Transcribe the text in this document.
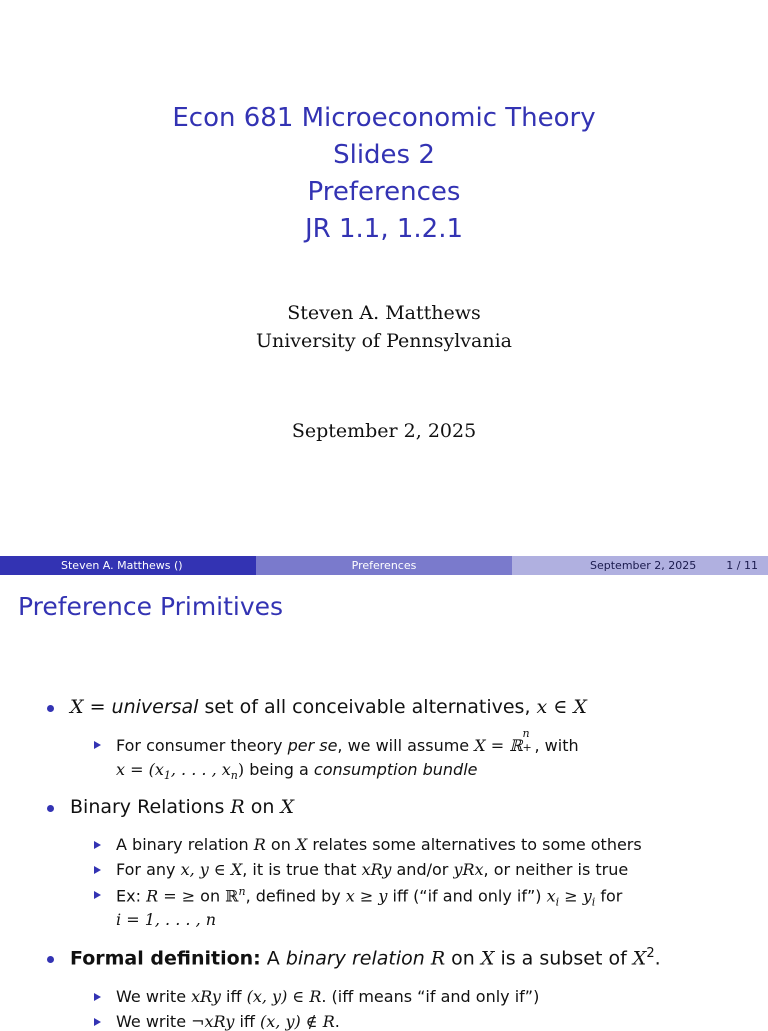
Econ 681 Microeconomic Theory
Slides 2
Preferences
JR 1.1, 1.2.1
Steven A. Matthews
University of Pennsylvania
September 2, 2025
Steven A. Matthews ()	Preferences	September 2, 2025	1 / 11
Preference Primitives
X = universal set of all conceivable alternatives, x ∈ X
For consumer theory per se, we will assume X = ℝ
n
+ , with
$x = (x_1$, . . . , $x_n$) being a consumption bundle
Binary Relations R on X
A binary relation R on X relates some alternatives to some others
For any x, y ∈ X, it is true that xRy and/or yRx, or neither is true
Ex: R = ≥ on ℝ$^n$, defined by x ≥ y iff (“if and only if”) $x_i \ge y_i$ for
i = 1, . . . , n
Formal definition: A binary relation R on X is a subset of $X^2$.
We write xRy iff (x, y) ∈ R. (iff means “if and only if”)
We write ¬xRy iff (x, y) ∉ R.
